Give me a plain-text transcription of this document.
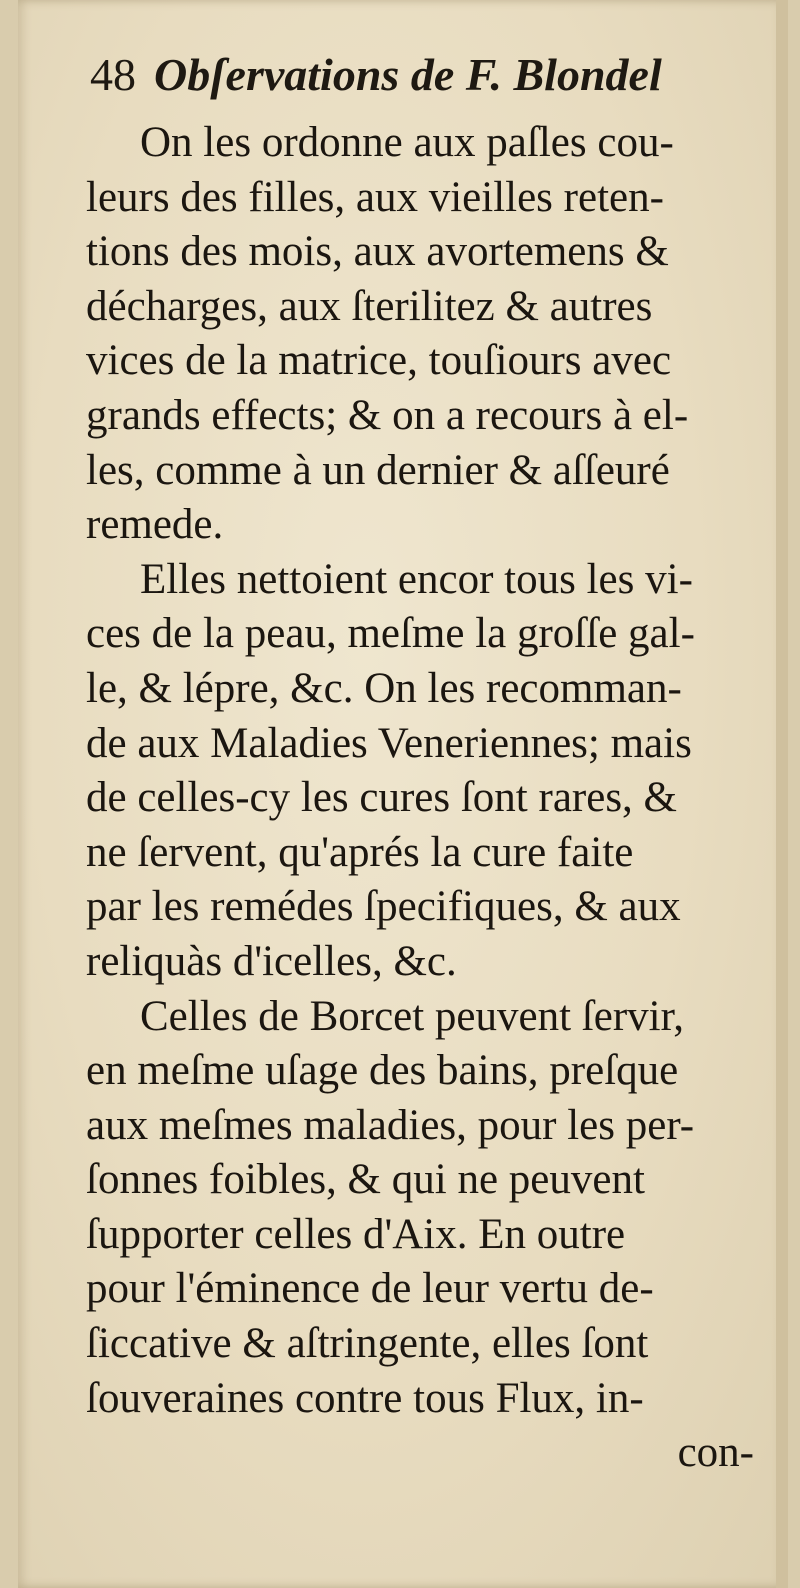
48 Obſervations de F. Blondel
On les ordonne aux paſles cou-
leurs des filles, aux vieilles reten-
tions des mois, aux avortemens &
décharges, aux ſterilitez & autres
vices de la matrice, touſiours avec
grands effects; & on a recours à el-
les, comme à un dernier & aſſeuré
remede.
Elles nettoient encor tous les vi-
ces de la peau, meſme la groſſe gal-
le, & lépre, &c. On les recomman-
de aux Maladies Veneriennes; mais
de celles-cy les cures ſont rares, &
ne ſervent, qu'aprés la cure faite
par les remédes ſpecifiques, & aux
reliquàs d'icelles, &c.
Celles de Borcet peuvent ſervir,
en meſme uſage des bains, preſque
aux meſmes maladies, pour les per-
ſonnes foibles, & qui ne peuvent
ſupporter celles d'Aix. En outre
pour l'éminence de leur vertu de-
ſiccative & aſtringente, elles ſont
ſouveraines contre tous Flux, in-
con-
